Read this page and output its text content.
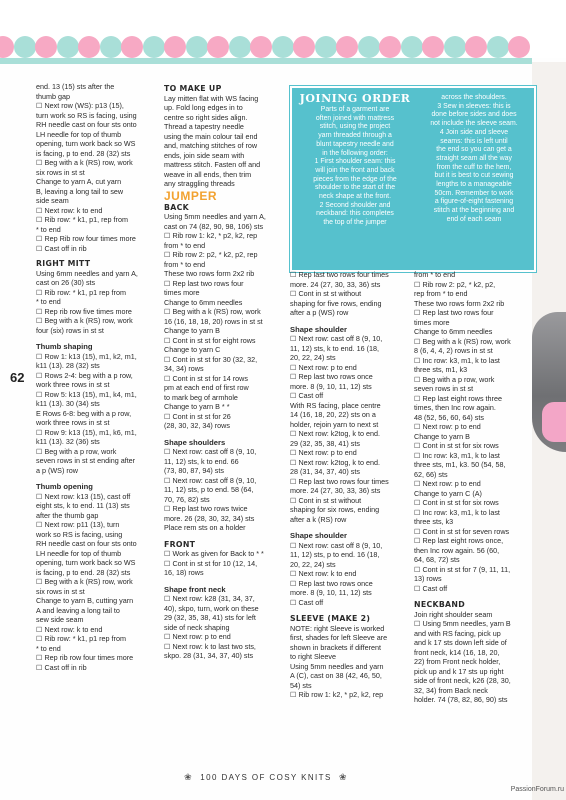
62

end. 13 (15) sts after the

thumb gap

☐ Next row (WS): p13 (15),

turn work so RS is facing, using

RH needle cast on four sts onto

LH needle for top of thumb

opening, turn work back so WS

is facing, p to end. 28 (32) sts

☐ Beg with a k (RS) row, work

six rows in st st

Change to yarn A, cut yarn

B, leaving a long tail to sew

side seam

☐ Next row: k to end

☐ Rib row: * k1, p1, rep from

* to end

☐ Rep Rib row four times more

☐ Cast off in rib

RIGHT MITT

Using 6mm needles and yarn A,

cast on 26 (30) sts

☐ Rib row: * k1, p1 rep from

* to end

☐ Rep rib row five times more

☐ Beg with a k (RS) row, work

four (six) rows in st st

Thumb shaping

☐ Row 1: k13 (15), m1, k2, m1,

k11 (13). 28 (32) sts

☐ Rows 2-4: beg with a p row,

work three rows in st st

☐ Row 5: k13 (15), m1, k4, m1,

k11 (13). 30 (34) sts

E Rows 6-8: beg with a p row,

work three rows in st st

☐ Row 9: k13 (15), m1, k6, m1,

k11 (13). 32 (36) sts

☐ Beg with a p row, work

seven rows in st st ending after

a p (WS) row

Thumb opening

☐ Next row: k13 (15), cast off

eight sts, k to end. 11 (13) sts

after the thumb gap

☐ Next row: p11 (13), turn

work so RS is facing, using

RH needle cast on four sts onto

LH needle for top of thumb

opening, turn work back so WS

is facing, p to end. 28 (32) sts

☐ Beg with a k (RS) row, work

six rows in st st

Change to yarn B, cutting yarn

A and leaving a long tail to

sew side seam

☐ Next row: k to end

☐ Rib row: * k1, p1 rep from

* to end

☐ Rep rib row four times more

☐ Cast off in rib

TO MAKE UP

Lay mitten flat with WS facing

up. Fold long edges in to

centre so right sides align.

Thread a tapestry needle

using the main colour tail end

and, matching stitches of row

ends, join side seam with

mattress stitch. Fasten off and

weave in all ends, then trim

any straggling threads

JUMPER

BACK

Using 5mm needles and yarn A,

cast on 74 (82, 90, 98, 106) sts

☐ Rib row 1: k2, * p2, k2, rep

from * to end

☐ Rib row 2: p2, * k2, p2, rep

from * to end

These two rows form 2x2 rib

☐ Rep last two rows four

times more

Change to 6mm needles

☐ Beg with a k (RS) row, work

16 (16, 18, 18, 20) rows in st st

Change to yarn B

☐ Cont in st st for eight rows

Change to yarn C

☐ Cont in st st for 30 (32, 32,

34, 34) rows

☐ Cont in st st for 14 rows

pm at each end of first row

to mark beg of armhole

Change to yarn B * *

☐ Cont in st st for 26

(28, 30, 32, 34) rows

Shape shoulders

☐ Next row: cast off 8 (9, 10,

11, 12) sts, k to end. 66

(73, 80, 87, 94) sts

☐ Next row: cast off 8 (9, 10,

11, 12) sts, p to end. 58 (64,

70, 76, 82) sts

☐ Rep last two rows twice

more. 26 (28, 30, 32, 34) sts

Place rem sts on a holder

FRONT

☐ Work as given for Back to * *

☐ Cont in st st for 10 (12, 14,

16, 18) rows

Shape front neck

☐ Next row: k28 (31, 34, 37,

40), skpo, turn, work on these

29 (32, 35, 38, 41) sts for left

side of neck shaping

☐ Next row: p to end

☐ Next row: k to last two sts,

skpo. 28 (31, 34, 37, 40) sts

JOINING ORDER

Parts of a garment are

often joined with mattress

stitch, using the project

yarn threaded through a

blunt tapestry needle and

in the following order:

1 First shoulder seam: this

will join the front and back

pieces from the edge of the

shoulder to the start of the

neck shape at the front.

2 Second shoulder and

neckband: this completes

the top of the jumper

across the shoulders.

3 Sew in sleeves: this is

done before sides and does

not include the sleeve seam.

4 Join side and sleeve

seams: this is left until

the end so you can get a

straight seam all the way

from the cuff to the hem,

but it is best to cut sewing

lengths to a manageable

50cm. Remember to work

a figure-of-eight fastening

stitch at the beginning and

end of each seam

☐ Rep last two rows four times

more. 24 (27, 30, 33, 36) sts

☐ Cont in st st without

shaping for five rows, ending

after a p (WS) row

Shape shoulder

☐ Next row: cast off 8 (9, 10,

11, 12) sts, k to end. 16 (18,

20, 22, 24) sts

☐ Next row: p to end

☐ Rep last two rows once

more. 8 (9, 10, 11, 12) sts

☐ Cast off

With RS facing, place centre

14 (16, 18, 20, 22) sts on a

holder, rejoin yarn to next st

☐ Next row: k2tog, k to end.

29 (32, 35, 38, 41) sts

☐ Next row: p to end

☐ Next row: k2tog, k to end.

28 (31, 34, 37, 40) sts

☐ Rep last two rows four times

more. 24 (27, 30, 33, 36) sts

☐ Cont in st st without

shaping for six rows, ending

after a k (RS) row

Shape shoulder

☐ Next row: cast off 8 (9, 10,

11, 12) sts, p to end. 16 (18,

20, 22, 24) sts

☐ Next row: k to end

☐ Rep last two rows once

more. 8 (9, 10, 11, 12) sts

☐ Cast off

SLEEVE (MAKE 2)

NOTE: right Sleeve is worked

first, shades for left Sleeve are

shown in brackets if different

to right Sleeve

Using 5mm needles and yarn

A (C), cast on 38 (42, 46, 50,

54) sts

☐ Rib row 1: k2, * p2, k2, rep

from * to end

☐ Rib row 2: p2, * k2, p2,

rep from * to end

These two rows form 2x2 rib

☐ Rep last two rows four

times more

Change to 6mm needles

☐ Beg with a k (RS) row, work

8 (6, 4, 4, 2) rows in st st

☐ Inc row: k3, m1, k to last

three sts, m1, k3

☐ Beg with a p row, work

seven rows in st st

☐ Rep last eight rows three

times, then Inc row again.

48 (52, 56, 60, 64) sts

☐ Next row: p to end

Change to yarn B

☐ Cont in st st for six rows

☐ Inc row: k3, m1, k to last

three sts, m1, k3. 50 (54, 58,

62, 66) sts

☐ Next row: p to end

Change to yarn C (A)

☐ Cont in st st for six rows

☐ Inc row: k3, m1, k to last

three sts, k3

☐ Cont in st st for seven rows

☐ Rep last eight rows once,

then Inc row again. 56 (60,

64, 68, 72) sts

☐ Cont in st st for 7 (9, 11, 11,

13) rows

☐ Cast off

NECKBAND

Join right shoulder seam

☐ Using 5mm needles, yarn B

and with RS facing, pick up

and k 17 sts down left side of

front neck, k14 (16, 18, 20,

22) from Front neck holder,

pick up and k 17 sts up right

side of front neck, k26 (28, 30,

32, 34) from Back neck

holder. 74 (78, 82, 86, 90) sts

❀ 100 DAYS OF COSY KNITS ❀
PassionForum.ru
